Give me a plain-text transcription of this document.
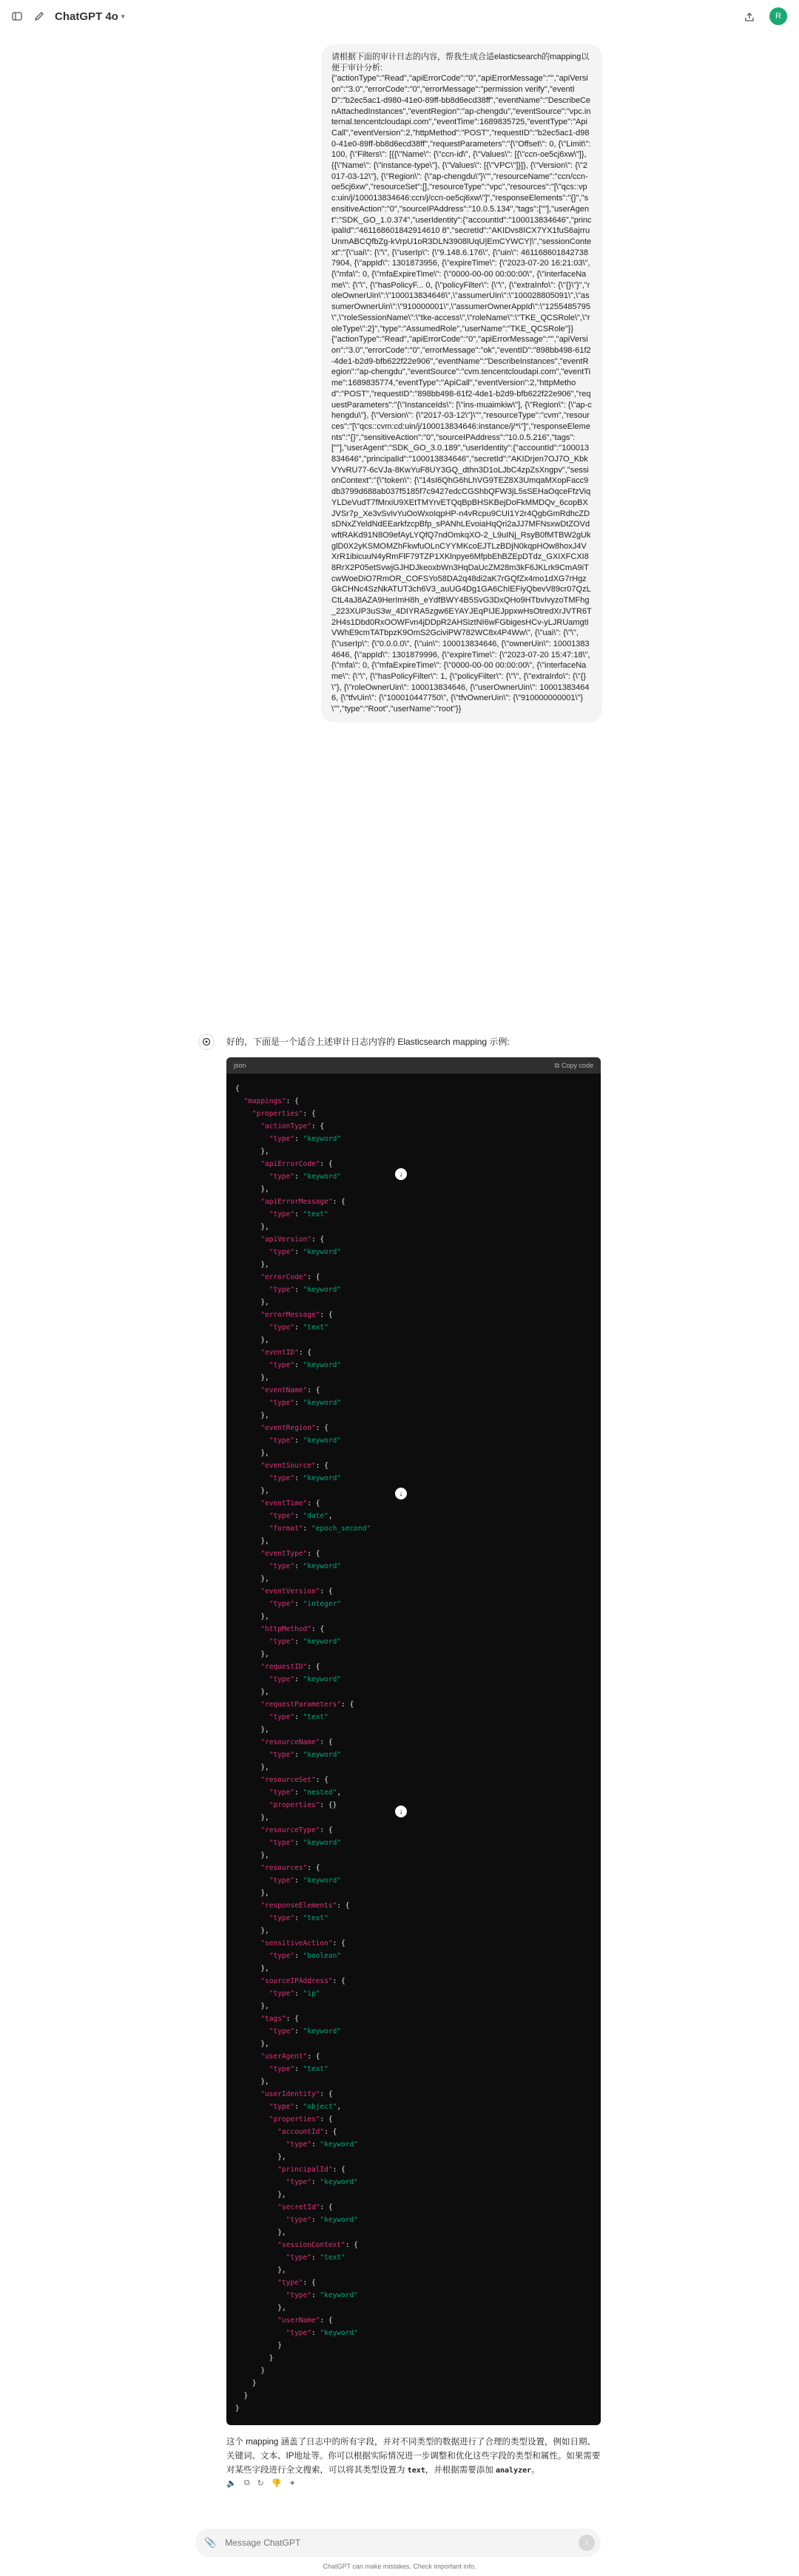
ChatGPT 4o ▾	R
请根据下面的审计日志的内容，帮我生成合适elasticsearch的mapping以便于审计分析:
{"actionType":"Read","apiErrorCode":"0","apiErrorMessage":"","apiVersion":"3.0","errorCode":"0","errorMessage":"permission verify","eventID":"b2ec5ac1-d980-41e0-89ff-bb8d6ecd38ff","eventName":"DescribeCenAttachedInstances","eventRegion":"ap-chengdu","eventSource":"vpc.internal.tencentcloudapi.com","eventTime":1689835725,"eventType":"ApiCall","eventVersion":2,"httpMethod":"POST","requestID":"b2ec5ac1-d980-41e0-89ff-bb8d6ecd38ff","requestParameters":"{\"Offset\": 0, {\"Limit\": 100, {\"Filters\": [{{\"Name\": {\"ccn-id\", {\"Values\": [{\"ccn-oe5cj6xw\"]}, {{\"Name\": {\"instance-type\"}, {\"Values\": [{\"VPC\"]}]}, {\"Version\": {\"2017-03-12\"}, {\"Region\": {\"ap-chengdu\"}\"","resourceName":"ccn/ccn-oe5cj6xw","resourceSet":[],"resourceType":"vpc","resources":"[\"qcs::vpc:uin/j/100013834646:ccn/j/ccn-oe5cj6xw\"]","responseElements":"{}","sensitiveAction":"0","sourceIPAddress":"10.0.5.134","tags":[""],"userAgent":"SDK_GO_1.0.374","userIdentity":{"accountId":"100013834646","principalId":"461168601842914610 8","secretId":"AKIDvs8ICX7YX1fuS6ajrruUnmABCQfbZg-kVrpU1oR3DLN3908lUqU|EmCYWCY|\","sessionContext":"{\"uai\": {\"\", {\"userIp\": {\"9.148.6.176\", {\"uin\": 4611686018427387904, {\"appId\": 1301873956, {\"expireTime\": {\"2023-07-20 16:21:03\", {\"mfa\": 0, {\"mfaExpireTime\": {\"0000-00-00 00:00:00\", {\"interfaceName\": {\"\", {\"hasPolicyF... 0, {\"policyFilter\": {\"\", {\"extraInfo\": {\"{}\"}","roleOwnerUin\":\"100013834646\",\"assumerUin\":\"100028805091\",\"assumerOwnerUin\":\"910000001\",\"assumerOwnerAppId\":\"1255485795\",\"roleSessionName\":\"tke-access\",\"roleName\":\"TKE_QCSRole\",\"roleType\":2}","type":"AssumedRole","userName":"TKE_QCSRole"}}
{"actionType":"Read","apiErrorCode":"0","apiErrorMessage":"","apiVersion":"3.0","errorCode":"0","errorMessage":"ok","eventID":"898bb498-61f2-4de1-b2d9-bfb622f22e906","eventName":"DescribeInstances","eventRegion":"ap-chengdu","eventSource":"cvm.tencentcloudapi.com","eventTime":1689835774,"eventType":"ApiCall","eventVersion":2,"httpMethod":"POST","requestID":"898bb498-61f2-4de1-b2d9-bfb622f22e906","requestParameters":"{\"InstanceIds\": [\"ins-muaimkiw\"], {\"Region\": {\"ap-chengdu\"}, {\"Version\": {\"2017-03-12\"}\"","resourceType":"cvm","resources":"[\"qcs::cvm:cd:uin/j/100013834646:instance/j/*\"]","responseElements":"{}","sensitiveAction":"0","sourceIPAddress":"10.0.5.216","tags":[""],"userAgent":"SDK_GO_3.0.189","userIdentity":{"accountId":"100013834646","principalId":"100013834646","secretId":"AKIDrjen7OJ7O_KbkVYvRU77-6cVJa-8KwYuF8UY3GQ_dthn3D1oLJbC4zpZsXngpv","sessionContext":"{\"token\": {\"14sI6QhG6hLhVG9TEZ8X3UmqaMXopFacc9db3799d688ab037f5185f7c9427edcCGShbQFW3jL5sSEHaOqceFfzViqYLDeVudT7fMrxiU9XEtTMYrvETQqBpBHSKBejDoFkMMDQv_6copBXJVSr7p_Xe3vSvIvYuOoWxoIqpHP-n4vRcpu9CUI1Y2r4QgbGmRdhcZDsDNxZYeldNdEEarkfzcpBfp_sPANhLEvoiaHqQri2aJJ7MFNsxwDtZOVdwftRAKd91N8O9efAyLYQfQ7ndOmkqXO-2_L9uINj_RsyB0fMTBW2gUkglD0X2yKSMOMZhFkwfuOLnCYYMKcoEJTLzBDjN0kqpHOw8hoxJ4VXrR1ibicuuN4yRmFlF79TZP1XKlnpye6MfpbEhBZEpDTdz_GXIXFCXI88RrX2P05etSvwjGJHDJkeoxbWn3HqDaUcZM28m3kF6JKLrk9CmA9iTcwWoeDiO7RmOR_COFSYo58DA2q48di2aK7rGQfZx4mo1dXG7rHgzGkCHNc4SzNkATUT3ch6V3_auUG4Dg1GA6ChIEFiyQbevV89cr07QzLCtL4aJ8AZA9HerImH8h_eYdfBWY4B5SvG3DxQHo9HTbvIvyzoTMFhg_223XUP3uS3w_4DIYRA5zgw6EYAYJEqPIJEJppxwHsOtredXrJVTR6T2H4s1Dbd0RxOOWFvn4jDDpR2AHSiztNI6wFGbigesHCv-yLJRUamgtIVWhE9cmTATbpzK9OmS2GciviPW782WC8x4P4Ww\", {\"uai\": {\"\", {\"userIp\": {\"0.0.0.0\", {\"uin\": 100013834646, {\"ownerUin\": 100013834646, {\"appId\": 1301879996, {\"expireTime\": {\"2023-07-20 15:47:18\", {\"mfa\": 0, {\"mfaExpireTime\": {\"0000-00-00 00:00:00\", {\"interfaceName\": {\"\", {\"hasPolicyFilter\": 1, {\"policyFilter\": {\"\", {\"extraInfo\": {\"{}\"}, {\"roleOwnerUin\": 100013834646, {\"userOwnerUin\": 100013834646, {\"tfvUin\": {\"100010447750\", {\"tfvOwnerUin\": {\"910000000001\"}\"","type":"Root","userName":"root"}}
好的，下面是一个适合上述审计日志内容的 Elasticsearch mapping 示例:
json	⧉ Copy code
{
"mappings": {
"properties": {
"actionType": {
"type": "keyword"
},
"apiErrorCode": {
"type": "keyword"
},
"apiErrorMessage": {
"type": "text"
},
"apiVersion": {
"type": "keyword"
},
"errorCode": {
"type": "keyword"
},
"errorMessage": {
"type": "text"
},
"eventID": {
"type": "keyword"
},
"eventName": {
"type": "keyword"
},
"eventRegion": {
"type": "keyword"
},
"eventSource": {
"type": "keyword"
},
"eventTime": {
"type": "date",
"format": "epoch_second"
},
"eventType": {
"type": "keyword"
},
"eventVersion": {
"type": "integer"
},
"httpMethod": {
"type": "keyword"
},
"requestID": {
"type": "keyword"
},
"requestParameters": {
"type": "text"
},
"resourceName": {
"type": "keyword"
},
"resourceSet": {
"type": "nested",
"properties": {}
},
"resourceType": {
"type": "keyword"
},
"resources": {
"type": "keyword"
},
"responseElements": {
"type": "text"
},
"sensitiveAction": {
"type": "boolean"
},
"sourceIPAddress": {
"type": "ip"
},
"tags": {
"type": "keyword"
},
"userAgent": {
"type": "text"
},
"userIdentity": {
"type": "object",
"properties": {
"accountId": {
"type": "keyword"
},
"principalId": {
"type": "keyword"
},
"secretId": {
"type": "keyword"
},
"sessionContext": {
"type": "text"
},
"type": {
"type": "keyword"
},
"userName": {
"type": "keyword"
}
}
}
}
}
}
↓
↓
↓
这个 mapping 涵盖了日志中的所有字段，并对不同类型的数据进行了合理的类型设置，例如日期、关键词、文本、IP地址等。你可以根据实际情况进一步调整和优化这些字段的类型和属性。如果需要对某些字段进行全文搜索，可以将其类型设置为 text，并根据需要添加 analyzer。
🔈 ⧉ ↻ 👎 ✦
📎
Message ChatGPT	↑
ChatGPT can make mistakes. Check important info.
